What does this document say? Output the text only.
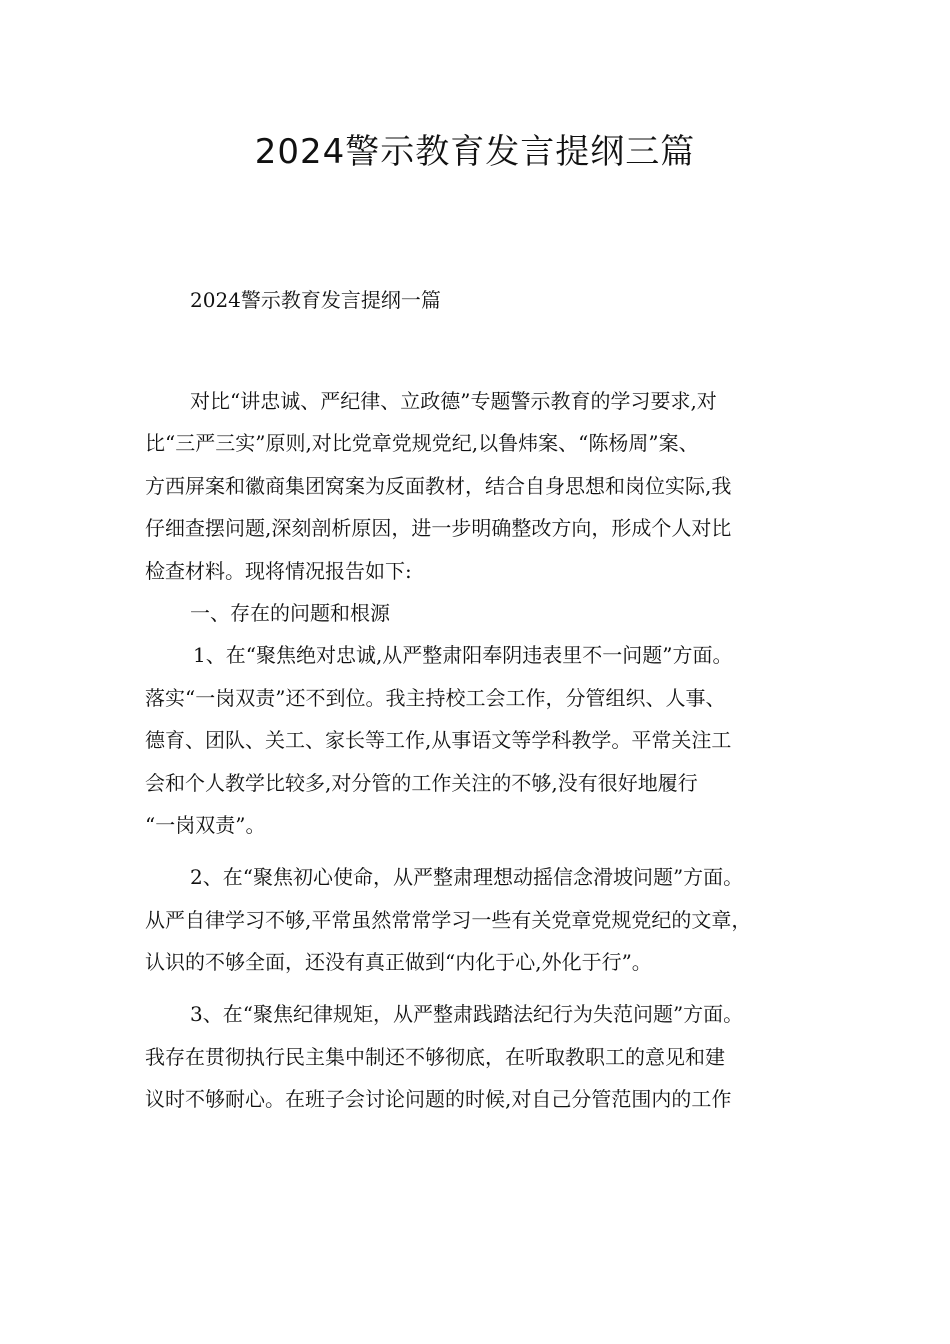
2024警示教育发言提纲三篇

2024警示教育发言提纲一篇

对比“讲忠诚、严纪律、立政德”专题警示教育的学习要求,对

比“三严三实”原则,对比党章党规党纪,以鲁炜案、“陈杨周”案、

方西屏案和徽商集团窝案为反面教材，结合自身思想和岗位实际,我

仔细查摆问题,深刻剖析原因，进一步明确整改方向，形成个人对比

检查材料。现将情况报告如下:

一、存在的问题和根源

1、在“聚焦绝对忠诚,从严整肃阳奉阴违表里不一问题”方面。

落实“一岗双责”还不到位。我主持校工会工作，分管组织、人事、

德育、团队、关工、家长等工作,从事语文等学科教学。平常关注工

会和个人教学比较多,对分管的工作关注的不够,没有很好地履行

“一岗双责”。

2、在“聚焦初心使命，从严整肃理想动摇信念滑坡问题”方面。

从严自律学习不够,平常虽然常常学习一些有关党章党规党纪的文章，

认识的不够全面，还没有真正做到“内化于心,外化于行”。

3、在“聚焦纪律规矩，从严整肃践踏法纪行为失范问题”方面。

我存在贯彻执行民主集中制还不够彻底，在听取教职工的意见和建

议时不够耐心。在班子会讨论问题的时候,对自己分管范围内的工作
